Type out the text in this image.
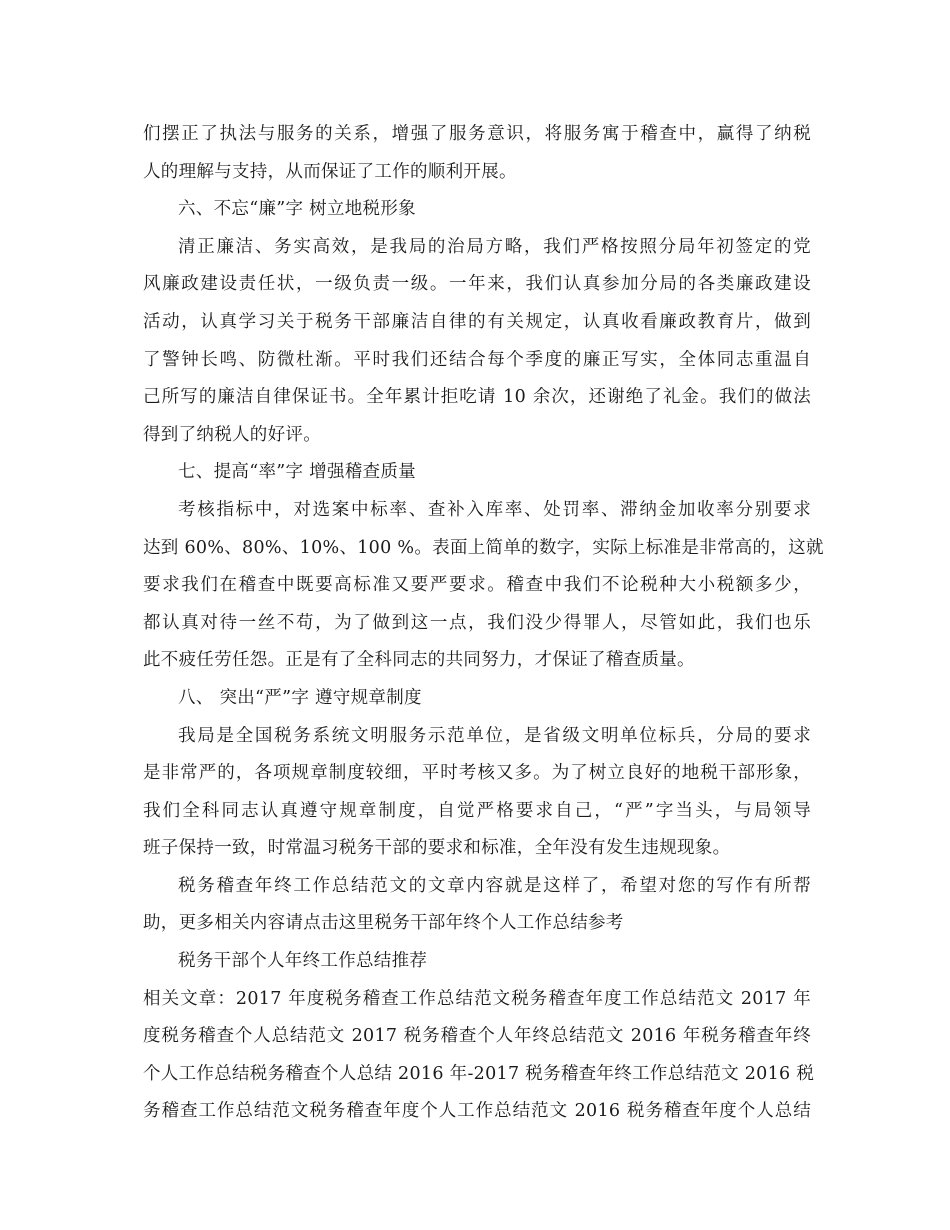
们摆正了执法与服务的关系，增强了服务意识，将服务寓于稽查中，赢得了纳税
人的理解与支持，从而保证了工作的顺利开展。
六、不忘“廉”字 树立地税形象
清正廉洁、务实高效，是我局的治局方略，我们严格按照分局年初签定的党
风廉政建设责任状，一级负责一级。一年来，我们认真参加分局的各类廉政建设
活动，认真学习关于税务干部廉洁自律的有关规定，认真收看廉政教育片，做到
了警钟长鸣、防微杜渐。平时我们还结合每个季度的廉正写实，全体同志重温自
己所写的廉洁自律保证书。全年累计拒吃请 10 余次，还谢绝了礼金。我们的做法
得到了纳税人的好评。
七、提高“率”字 增强稽查质量
考核指标中，对选案中标率、查补入库率、处罚率、滞纳金加收率分别要求
达到 60%、80%、10%、100 %。表面上简单的数字，实际上标准是非常高的，这就
要求我们在稽查中既要高标准又要严要求。稽查中我们不论税种大小税额多少，
都认真对待一丝不苟，为了做到这一点，我们没少得罪人，尽管如此，我们也乐
此不疲任劳任怨。正是有了全科同志的共同努力，才保证了稽查质量。
八、 突出“严”字 遵守规章制度
我局是全国税务系统文明服务示范单位，是省级文明单位标兵，分局的要求
是非常严的，各项规章制度较细，平时考核又多。为了树立良好的地税干部形象，
我们全科同志认真遵守规章制度，自觉严格要求自己，“严”字当头，与局领导
班子保持一致，时常温习税务干部的要求和标准，全年没有发生违规现象。
税务稽查年终工作总结范文的文章内容就是这样了，希望对您的写作有所帮
助，更多相关内容请点击这里税务干部年终个人工作总结参考
税务干部个人年终工作总结推荐
相关文章：2017 年度税务稽查工作总结范文税务稽查年度工作总结范文 2017 年
度税务稽查个人总结范文 2017 税务稽查个人年终总结范文 2016 年税务稽查年终
个人工作总结税务稽查个人总结 2016 年-2017 税务稽查年终工作总结范文 2016 税
务稽查工作总结范文税务稽查年度个人工作总结范文 2016 税务稽查年度个人总结
